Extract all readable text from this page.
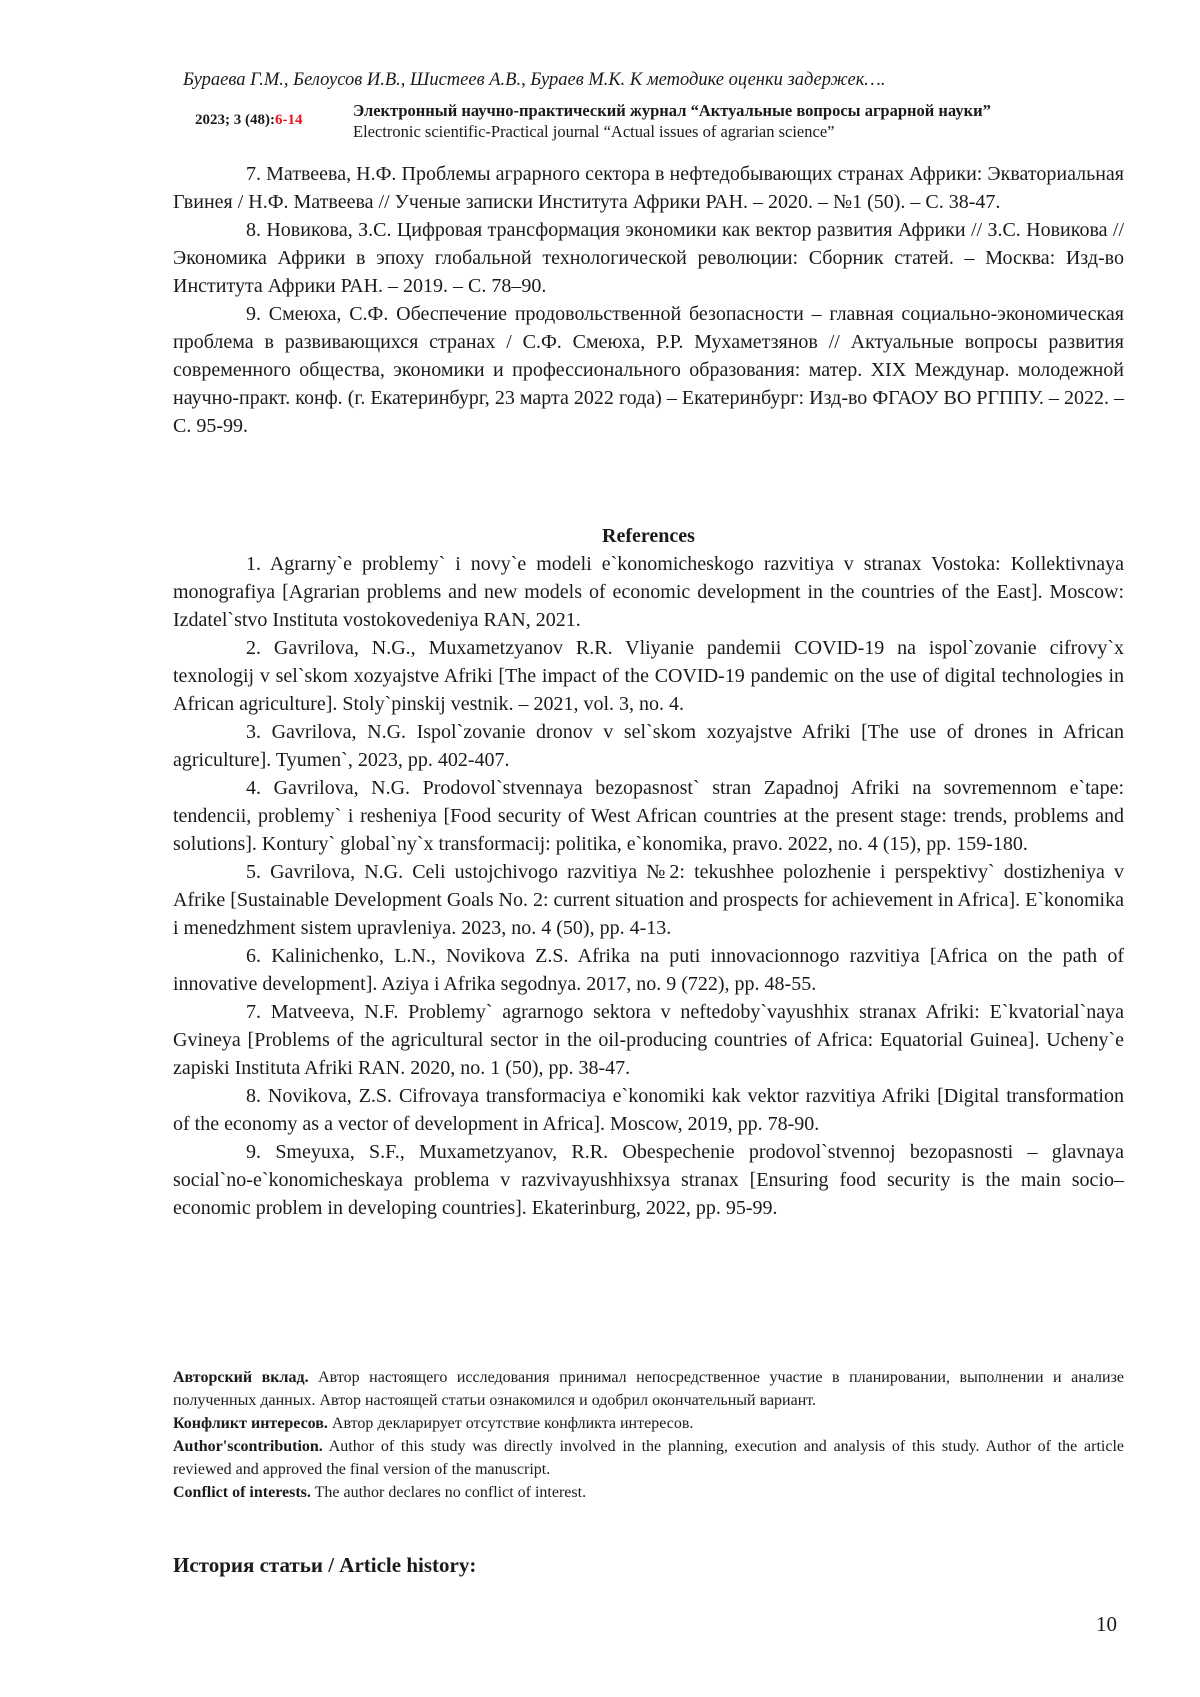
Бураева Г.М., Белоусов И.В., Шистеев А.В., Бураев М.К. К методике оценки задержек….
2023; 3 (48):6-14	Электронный научно-практический журнал “Актуальные вопросы аграрной науки”
Electronic scientific-Practical journal “Actual issues of agrarian science”

7. Матвеева, Н.Ф. Проблемы аграрного сектора в нефтедобывающих странах Африки: Экваториальная Гвинея / Н.Ф. Матвеева // Ученые записки Института Африки РАН. – 2020. – №1 (50). – С. 38-47.

8. Новикова, З.С. Цифровая трансформация экономики как вектор развития Африки // З.С. Новикова // Экономика Африки в эпоху глобальной технологической революции: Сборник статей. – Москва: Изд-во Института Африки РАН. – 2019. – С. 78–90.

9. Смеюха, С.Ф. Обеспечение продовольственной безопасности – главная социально-экономическая проблема в развивающихся странах / С.Ф. Смеюха, Р.Р. Мухаметзянов // Актуальные вопросы развития современного общества, экономики и профессионального образования: матер. XIX Междунар. молодежной научно-практ. конф. (г. Екатеринбург, 23 марта 2022 года) – Екатеринбург: Изд-во ФГАОУ ВО РГППУ. – 2022. – С. 95-99.

References

1. Agrarny`e problemy` i novy`e modeli e`konomicheskogo razvitiya v stranax Vostoka: Kollektivnaya monografiya [Agrarian problems and new models of economic development in the countries of the East]. Moscow: Izdatel`stvo Instituta vostokovedeniya RAN, 2021.

2. Gavrilova, N.G., Muxametzyanov R.R. Vliyanie pandemii COVID-19 na ispol`zovanie cifrovy`x texnologij v sel`skom xozyajstve Afriki [The impact of the COVID-19 pandemic on the use of digital technologies in African agriculture]. Stoly`pinskij vestnik. – 2021, vol. 3, no. 4.

3. Gavrilova, N.G. Ispol`zovanie dronov v sel`skom xozyajstve Afriki [The use of drones in African agriculture]. Tyumen`, 2023, pp. 402-407.

4. Gavrilova, N.G. Prodovol`stvennaya bezopasnost` stran Zapadnoj Afriki na sovremennom e`tape: tendencii, problemy` i resheniya [Food security of West African countries at the present stage: trends, problems and solutions]. Kontury` global`ny`x transformacij: politika, e`konomika, pravo. 2022, no. 4 (15), pp. 159-180.

5. Gavrilova, N.G. Celi ustojchivogo razvitiya №2: tekushhee polozhenie i perspektivy` dostizheniya v Afrike [Sustainable Development Goals No. 2: current situation and prospects for achievement in Africa]. E`konomika i menedzhment sistem upravleniya. 2023, no. 4 (50), pp. 4-13.

6. Kalinichenko, L.N., Novikova Z.S. Afrika na puti innovacionnogo razvitiya [Africa on the path of innovative development]. Aziya i Afrika segodnya. 2017, no. 9 (722), pp. 48-55.

7. Matveeva, N.F. Problemy` agrarnogo sektora v neftedoby`vayushhix stranax Afriki: E`kvatorial`naya Gvineya [Problems of the agricultural sector in the oil-producing countries of Africa: Equatorial Guinea]. Ucheny`e zapiski Instituta Afriki RAN. 2020, no. 1 (50), pp. 38-47.

8. Novikova, Z.S. Cifrovaya transformaciya e`konomiki kak vektor razvitiya Afriki [Digital transformation of the economy as a vector of development in Africa]. Moscow, 2019, pp. 78-90.

9. Smeyuxa, S.F., Muxametzyanov, R.R. Obespechenie prodovol`stvennoj bezopasnosti – glavnaya social`no-e`konomicheskaya problema v razvivayushhixsya stranax [Ensuring food security is the main socio–economic problem in developing countries]. Ekaterinburg, 2022, pp. 95-99.

Авторский вклад. Автор настоящего исследования принимал непосредственное участие в планировании, выполнении и анализе полученных данных. Автор настоящей статьи ознакомился и одобрил окончательный вариант.

Конфликт интересов. Автор декларирует отсутствие конфликта интересов.

Author'scontribution. Author of this study was directly involved in the planning, execution and analysis of this study. Author of the article reviewed and approved the final version of the manuscript.

Conflict of interests. The author declares no conflict of interest.

История статьи / Article history:
10
